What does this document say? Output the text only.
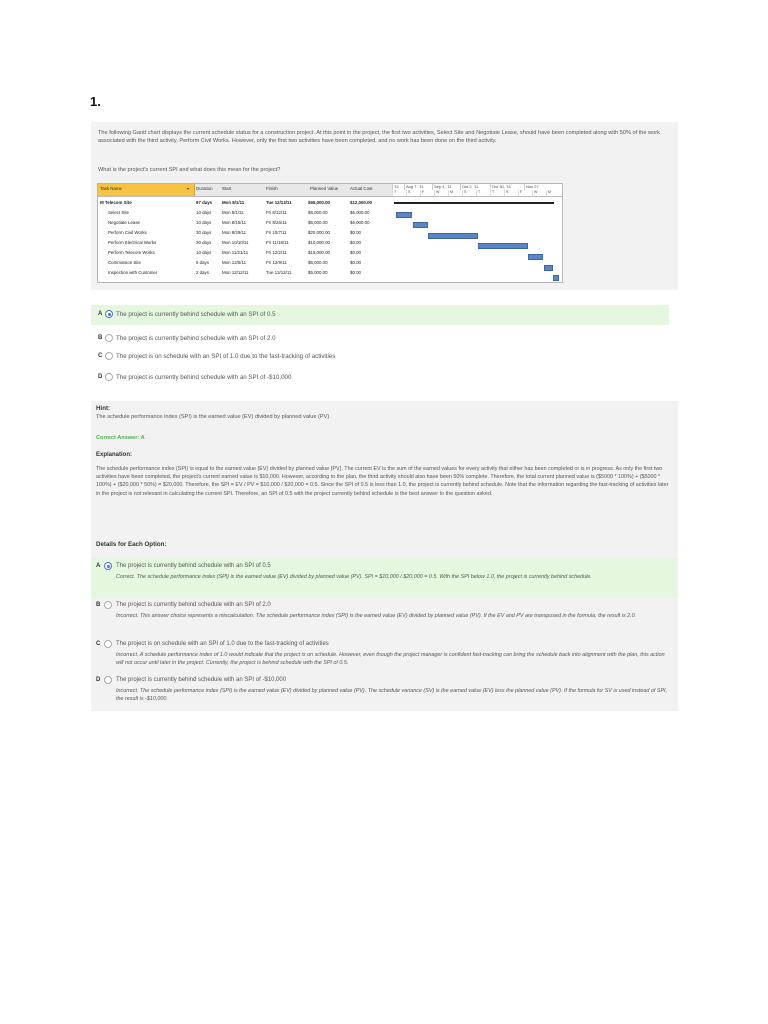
1.
The following Gantt chart displays the current schedule status for a construction project. At this point in the project, the first two activities, Select Site and Negotiate Lease, should have been completed along with 50% of the work associated with the third activity, Perform Civil Works. However, only the first two activities have been completed, and no work has been done on the third activity.
What is the project's current SPI and what does this mean for the project?
Task Name	▾ Duration Start	Finish	Planned Value	Actual Cost	'11	Aug 7, '11	Sep 4, '11	Oct 2, '11	Oct 30, '11	Nov 27
T	S	F	W	M	S	T	T	S	F	W	M
⊟ Telecom Site	97 days Mon 8/1/11	Tue 12/13/11	$65,000.00	$12,000.00
Select Site	10 days Mon 8/1/11	Fri 8/12/11	$5,000.00	$6,000.00
Negotiate Lease	10 days Mon 8/15/11	Fri 8/26/11	$5,000.00	$6,000.00
Perform Civil Works	30 days Mon 8/29/11	Fri 10/7/11	$20,000.00	$0.00
Perform Electrical Works	30 days Mon 10/10/11	Fri 11/18/11	$10,000.00	$0.00
Perform Telecom Works	10 days Mon 11/21/11	Fri 12/2/11	$15,000.00	$0.00
Commission Site	5 days	Mon 12/5/11	Fri 12/9/11	$5,000.00	$0.00
Inspection with Customer	2 days	Mon 12/12/11	Tue 12/13/11	$5,000.00	$0.00
A The project is currently behind schedule with an SPI of 0.5
B The project is currently behind schedule with an SPI of 2.0
C The project is on schedule with an SPI of 1.0 due to the fast-tracking of activities
D The project is currently behind schedule with an SPI of -$10,000
Hint:
The schedule performance index (SPI) is the earned value (EV) divided by planned value (PV).
Correct Answer: A
Explanation:
The schedule performance index (SPI) is equal to the earned value (EV) divided by planned value (PV). The current EV is the sum of the earned values for every activity that either has been completed or is in progress. As only the first two activities have been completed, the project's current earned value is $10,000. However, according to the plan, the third activity should also have been 50% complete. Therefore, the total current planned value is ($5000 * 100%) + ($5000 * 100%) + ($20,000 * 50%) = $20,000. Therefore, the SPI = EV / PV = $10,000 / $20,000 = 0.5. Since the SPI of 0.5 is less than 1.0, the project is currently behind schedule. Note that the information regarding the fast-tracking of activities later in the project is not relevant in calculating the current SPI. Therefore, an SPI of 0.5 with the project currently behind schedule is the best answer to the question asked.
Details for Each Option:
A	The project is currently behind schedule with an SPI of 0.5
Correct. The schedule performance index (SPI) is the earned value (EV) divided by planned value (PV). SPI = $10,000 / $20,000 = 0.5. With the SPI below 1.0, the project is currently behind schedule.
B	The project is currently behind schedule with an SPI of 2.0
Incorrect. This answer choice represents a miscalculation. The schedule performance index (SPI) is the earned value (EV) divided by planned value (PV). If the EV and PV are transposed in the formula, the result is 2.0.
C	The project is on schedule with an SPI of 1.0 due to the fast-tracking of activities
Incorrect. A schedule performance index of 1.0 would indicate that the project is on schedule. However, even though the project manager is confident fast-tracking can bring the schedule back into alignment with the plan, this action will not occur until later in the project. Currently, the project is behind schedule with the SPI of 0.5.
D	The project is currently behind schedule with an SPI of -$10,000
Incorrect. The schedule performance index (SPI) is the earned value (EV) divided by planned value (PV). The schedule variance (SV) is the earned value (EV) less the planned value (PV). If the formula for SV is used instead of SPI, the result is -$10,000.
